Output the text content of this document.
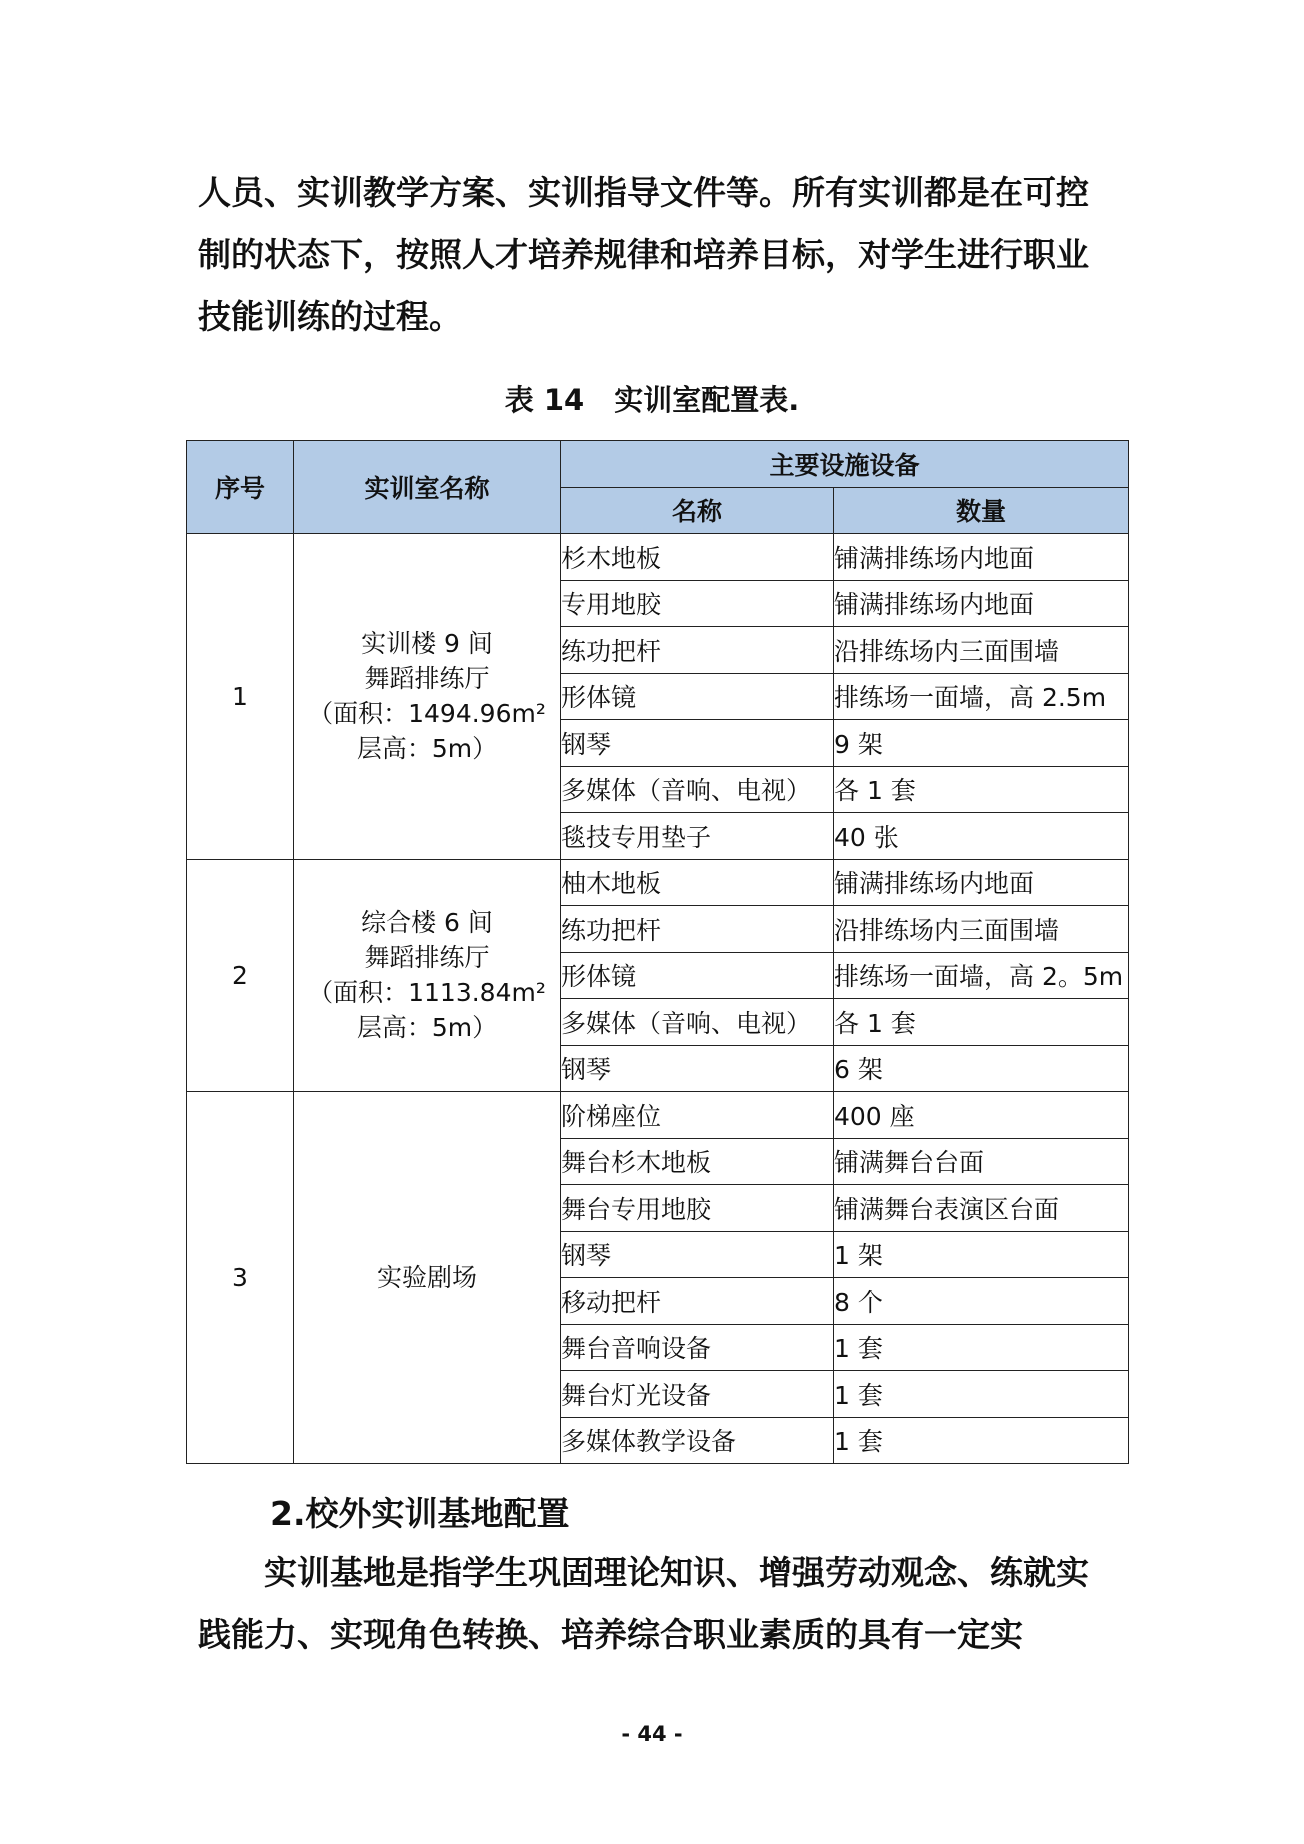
人员、实训教学方案、实训指导文件等。所有实训都是在可控制的状态下，按照人才培养规律和培养目标，对学生进行职业技能训练的过程。

表 14 实训室配置表.
序号	实训室名称	主要设施设备	
		名称	数量
1	实训楼 9 间
舞蹈排练厅
（面积：1494.96m²
层高：5m）	杉木地板	铺满排练场内地面
		专用地胶	铺满排练场内地面
		练功把杆	沿排练场内三面围墙
		形体镜	排练场一面墙，高 2.5m
		钢琴	9 架
		多媒体（音响、电视）	各 1 套
		毯技专用垫子	40 张
2	综合楼 6 间
舞蹈排练厅
（面积：1113.84m²
层高：5m）	柚木地板	铺满排练场内地面
		练功把杆	沿排练场内三面围墙
		形体镜	排练场一面墙，高 2。5m
		多媒体（音响、电视）	各 1 套
		钢琴	6 架
3	实验剧场	阶梯座位	400 座
		舞台杉木地板	铺满舞台台面
		舞台专用地胶	铺满舞台表演区台面
		钢琴	1 架
		移动把杆	8 个
		舞台音响设备	1 套
		舞台灯光设备	1 套
		多媒体教学设备	1 套
2.校外实训基地配置

实训基地是指学生巩固理论知识、增强劳动观念、练就实践能力、实现角色转换、培养综合职业素质的具有一定实

- 44 -
